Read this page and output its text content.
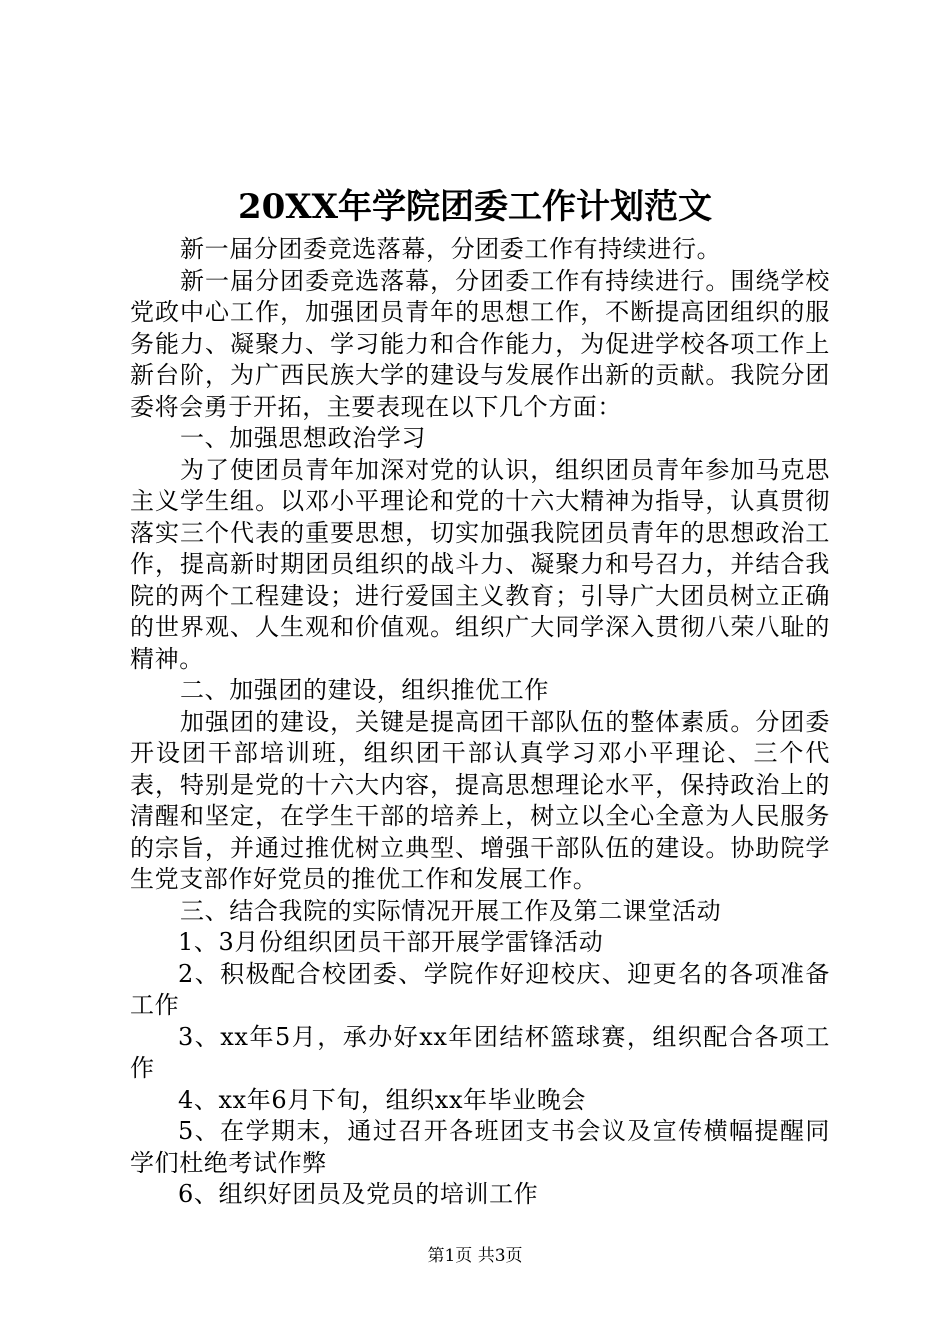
20XX年学院团委工作计划范文

新一届分团委竞选落幕，分团委工作有持续进行。

新一届分团委竞选落幕，分团委工作有持续进行。围绕学校党政中心工作，加强团员青年的思想工作，不断提高团组织的服务能力、凝聚力、学习能力和合作能力，为促进学校各项工作上新台阶，为广西民族大学的建设与发展作出新的贡献。我院分团委将会勇于开拓，主要表现在以下几个方面：

一、加强思想政治学习

为了使团员青年加深对党的认识，组织团员青年参加马克思主义学生组。以邓小平理论和党的十六大精神为指导，认真贯彻落实三个代表的重要思想，切实加强我院团员青年的思想政治工作，提高新时期团员组织的战斗力、凝聚力和号召力，并结合我院的两个工程建设；进行爱国主义教育；引导广大团员树立正确的世界观、人生观和价值观。组织广大同学深入贯彻八荣八耻的精神。

二、加强团的建设，组织推优工作

加强团的建设，关键是提高团干部队伍的整体素质。分团委开设团干部培训班，组织团干部认真学习邓小平理论、三个代表，特别是党的十六大内容，提高思想理论水平，保持政治上的清醒和坚定，在学生干部的培养上，树立以全心全意为人民服务的宗旨，并通过推优树立典型、增强干部队伍的建设。协助院学生党支部作好党员的推优工作和发展工作。

三、结合我院的实际情况开展工作及第二课堂活动

1、3月份组织团员干部开展学雷锋活动

2、积极配合校团委、学院作好迎校庆、迎更名的各项准备工作

3、xx年5月，承办好xx年团结杯篮球赛，组织配合各项工作

4、xx年6月下旬，组织xx年毕业晚会

5、在学期末，通过召开各班团支书会议及宣传横幅提醒同学们杜绝考试作弊

6、组织好团员及党员的培训工作

第1页 共3页
